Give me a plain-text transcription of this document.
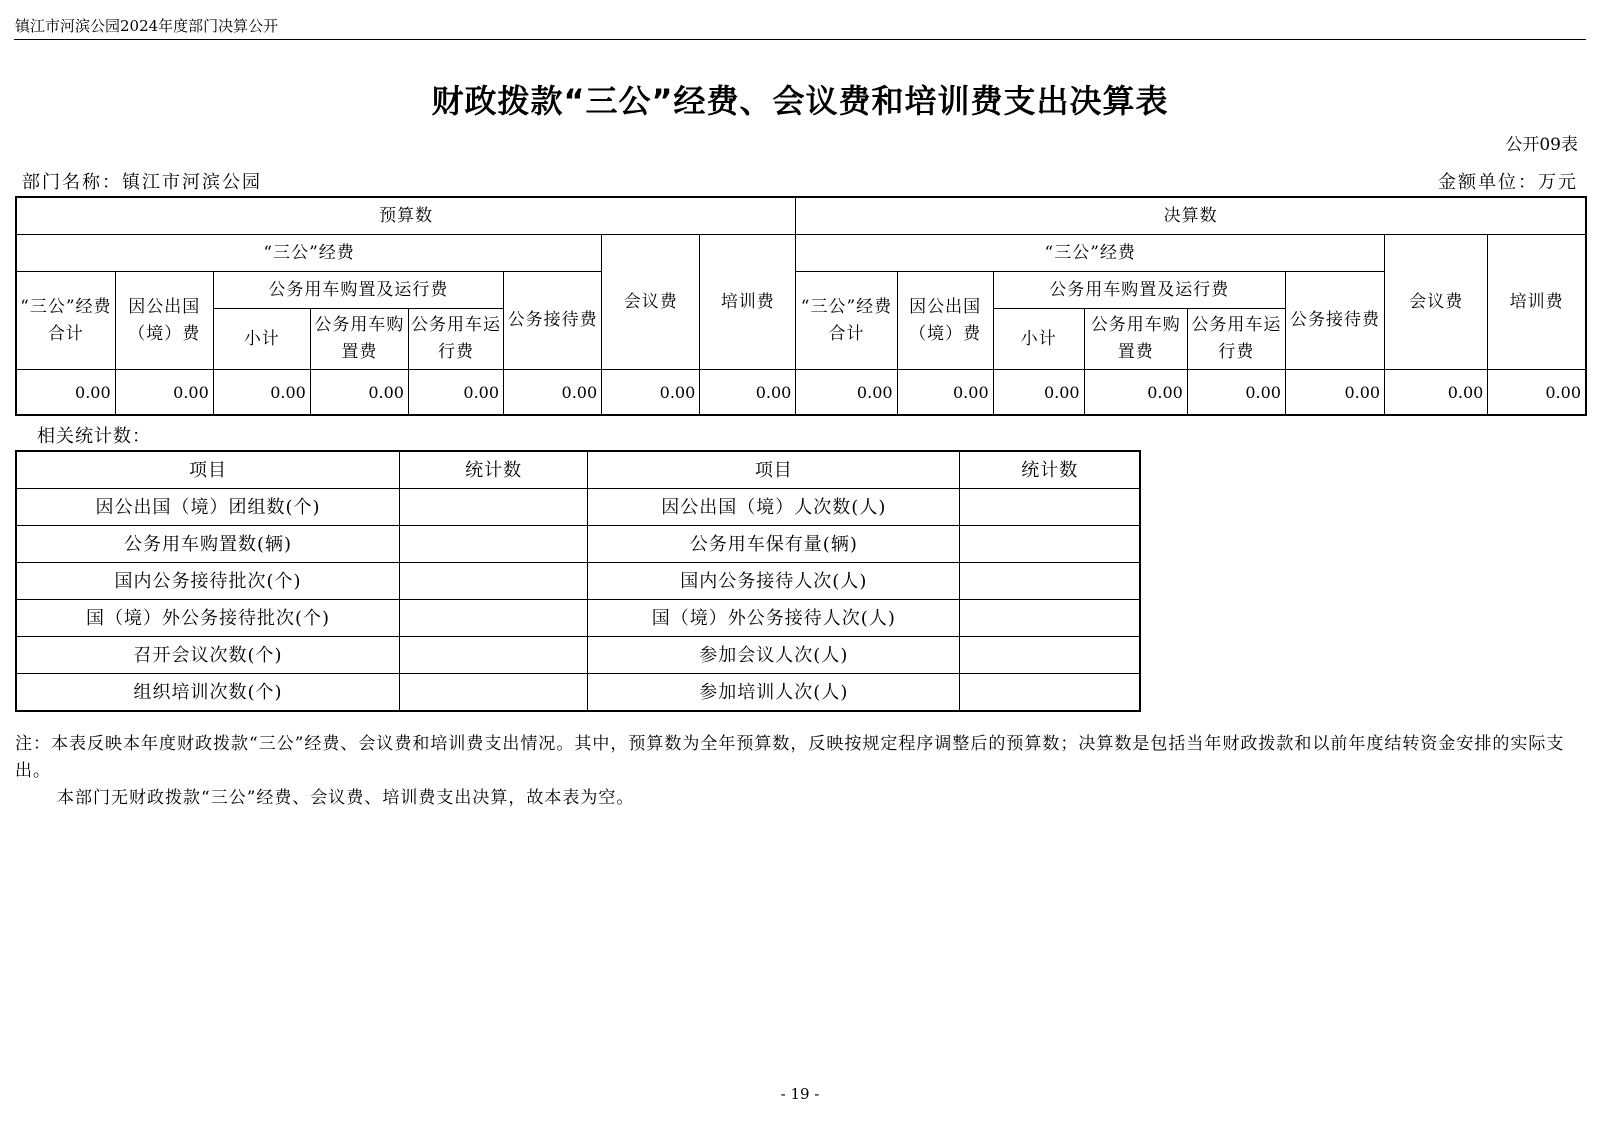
镇江市河滨公园2024年度部门决算公开
财政拨款“三公”经费、会议费和培训费支出决算表
公开09表
部门名称：镇江市河滨公园	金额单位：万元
预算数								决算数							
“三公”经费						会议费	培训费	“三公”经费						会议费	培训费
“三公”经费合计	因公出国（境）费	公务用车购置及运行费			公务接待费			“三公”经费合计	因公出国（境）费	公务用车购置及运行费			公务接待费		
		小计	公务用车购置费	公务用车运行费						小计	公务用车购置费	公务用车运行费			
0.00	0.00	0.00	0.00	0.00	0.00	0.00	0.00	0.00	0.00	0.00	0.00	0.00	0.00	0.00	0.00
相关统计数：
项目	统计数	项目	统计数
因公出国（境）团组数(个)		因公出国（境）人次数(人)	
公务用车购置数(辆)		公务用车保有量(辆)	
国内公务接待批次(个)		国内公务接待人次(人)	
国（境）外公务接待批次(个)		国（境）外公务接待人次(人)	
召开会议次数(个)		参加会议人次(人)	
组织培训次数(个)		参加培训人次(人)	

注：本表反映本年度财政拨款“三公”经费、会议费和培训费支出情况。其中，预算数为全年预算数，反映按规定程序调整后的预算数；决算数是包括当年财政拨款和以前年度结转资金安排的实际支出。

本部门无财政拨款“三公”经费、会议费、培训费支出决算，故本表为空。

- 19 -
